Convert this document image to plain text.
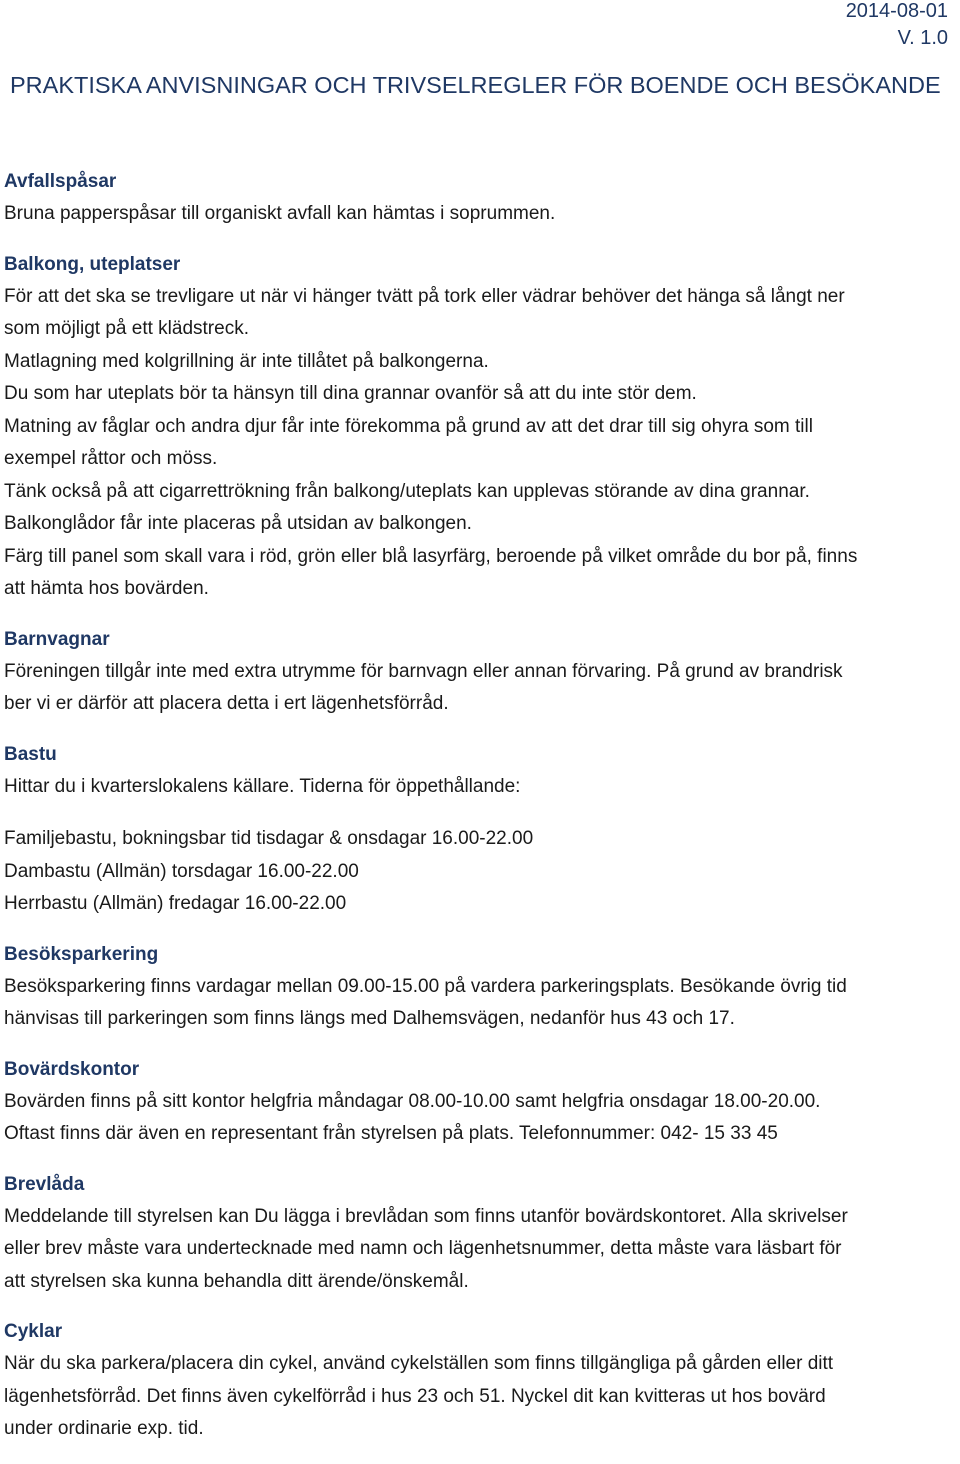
2014-08-01
V. 1.0
PRAKTISKA ANVISNINGAR OCH TRIVSELREGLER FÖR BOENDE OCH BESÖKANDE
Avfallspåsar
Bruna papperspåsar till organiskt avfall kan hämtas i soprummen.
Balkong, uteplatser
För att det ska se trevligare ut när vi hänger tvätt på tork eller vädrar behöver det hänga så långt ner
som möjligt på ett klädstreck.
Matlagning med kolgrillning är inte tillåtet på balkongerna.
Du som har uteplats bör ta hänsyn till dina grannar ovanför så att du inte stör dem.
Matning av fåglar och andra djur får inte förekomma på grund av att det drar till sig ohyra som till
exempel råttor och möss.
Tänk också på att cigarrettrökning från balkong/uteplats kan upplevas störande av dina grannar.
Balkonglådor får inte placeras på utsidan av balkongen.
Färg till panel som skall vara i röd, grön eller blå lasyrfärg, beroende på vilket område du bor på, finns
att hämta hos bovärden.
Barnvagnar
Föreningen tillgår inte med extra utrymme för barnvagn eller annan förvaring. På grund av brandrisk
ber vi er därför att placera detta i ert lägenhetsförråd.
Bastu
Hittar du i kvarterslokalens källare. Tiderna för öppethållande:
Familjebastu, bokningsbar tid tisdagar & onsdagar 16.00-22.00
Dambastu (Allmän) torsdagar 16.00-22.00
Herrbastu (Allmän) fredagar 16.00-22.00
Besöksparkering
Besöksparkering finns vardagar mellan 09.00-15.00 på vardera parkeringsplats. Besökande övrig tid
hänvisas till parkeringen som finns längs med Dalhemsvägen, nedanför hus 43 och 17.
Bovärdskontor
Bovärden finns på sitt kontor helgfria måndagar 08.00-10.00 samt helgfria onsdagar 18.00-20.00.
Oftast finns där även en representant från styrelsen på plats. Telefonnummer: 042- 15 33 45
Brevlåda
Meddelande till styrelsen kan Du lägga i brevlådan som finns utanför bovärdskontoret. Alla skrivelser
eller brev måste vara undertecknade med namn och lägenhetsnummer, detta måste vara läsbart för
att styrelsen ska kunna behandla ditt ärende/önskemål.
Cyklar
När du ska parkera/placera din cykel, använd cykelställen som finns tillgängliga på gården eller ditt
lägenhetsförråd. Det finns även cykelförråd i hus 23 och 51. Nyckel dit kan kvitteras ut hos bovärd
under ordinarie exp. tid.
